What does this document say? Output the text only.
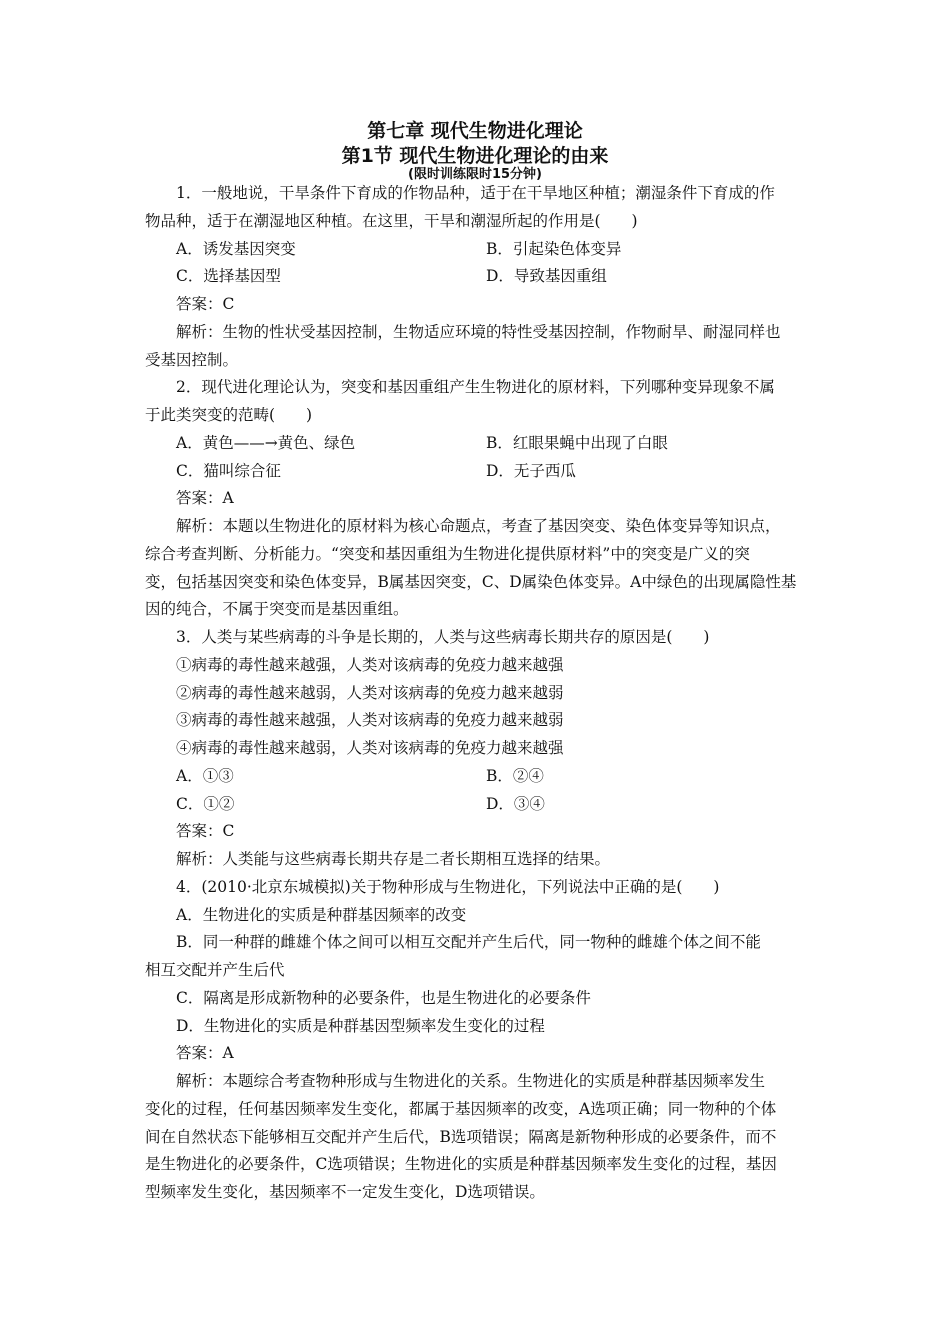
第七章 现代生物进化理论
第1节 现代生物进化理论的由来
(限时训练限时15分钟)
1．一般地说，干旱条件下育成的作物品种，适于在干旱地区种植；潮湿条件下育成的作
物品种，适于在潮湿地区种植。在这里，干旱和潮湿所起的作用是(　　)
A．诱发基因突变	B．引起染色体变异
C．选择基因型	D．导致基因重组
答案：C
解析：生物的性状受基因控制，生物适应环境的特性受基因控制，作物耐旱、耐湿同样也
受基因控制。
2．现代进化理论认为，突变和基因重组产生生物进化的原材料，下列哪种变异现象不属
于此类突变的范畴(　　)
A．黄色——→黄色、绿色	B．红眼果蝇中出现了白眼
C．猫叫综合征	D．无子西瓜
答案：A
解析：本题以生物进化的原材料为核心命题点，考查了基因突变、染色体变异等知识点，
综合考查判断、分析能力。“突变和基因重组为生物进化提供原材料”中的突变是广义的突
变，包括基因突变和染色体变异，B属基因突变，C、D属染色体变异。A中绿色的出现属隐性基
因的纯合，不属于突变而是基因重组。
3．人类与某些病毒的斗争是长期的，人类与这些病毒长期共存的原因是(　　)
①病毒的毒性越来越强，人类对该病毒的免疫力越来越强
②病毒的毒性越来越弱，人类对该病毒的免疫力越来越弱
③病毒的毒性越来越强，人类对该病毒的免疫力越来越弱
④病毒的毒性越来越弱，人类对该病毒的免疫力越来越强
A．①③	B．②④
C．①②	D．③④
答案：C
解析：人类能与这些病毒长期共存是二者长期相互选择的结果。
4．(2010·北京东城模拟)关于物种形成与生物进化，下列说法中正确的是(　　)
A．生物进化的实质是种群基因频率的改变
B．同一种群的雌雄个体之间可以相互交配并产生后代，同一物种的雌雄个体之间不能
相互交配并产生后代
C．隔离是形成新物种的必要条件，也是生物进化的必要条件
D．生物进化的实质是种群基因型频率发生变化的过程
答案：A
解析：本题综合考查物种形成与生物进化的关系。生物进化的实质是种群基因频率发生
变化的过程，任何基因频率发生变化，都属于基因频率的改变，A选项正确；同一物种的个体
间在自然状态下能够相互交配并产生后代，B选项错误；隔离是新物种形成的必要条件，而不
是生物进化的必要条件，C选项错误；生物进化的实质是种群基因频率发生变化的过程，基因
型频率发生变化，基因频率不一定发生变化，D选项错误。
